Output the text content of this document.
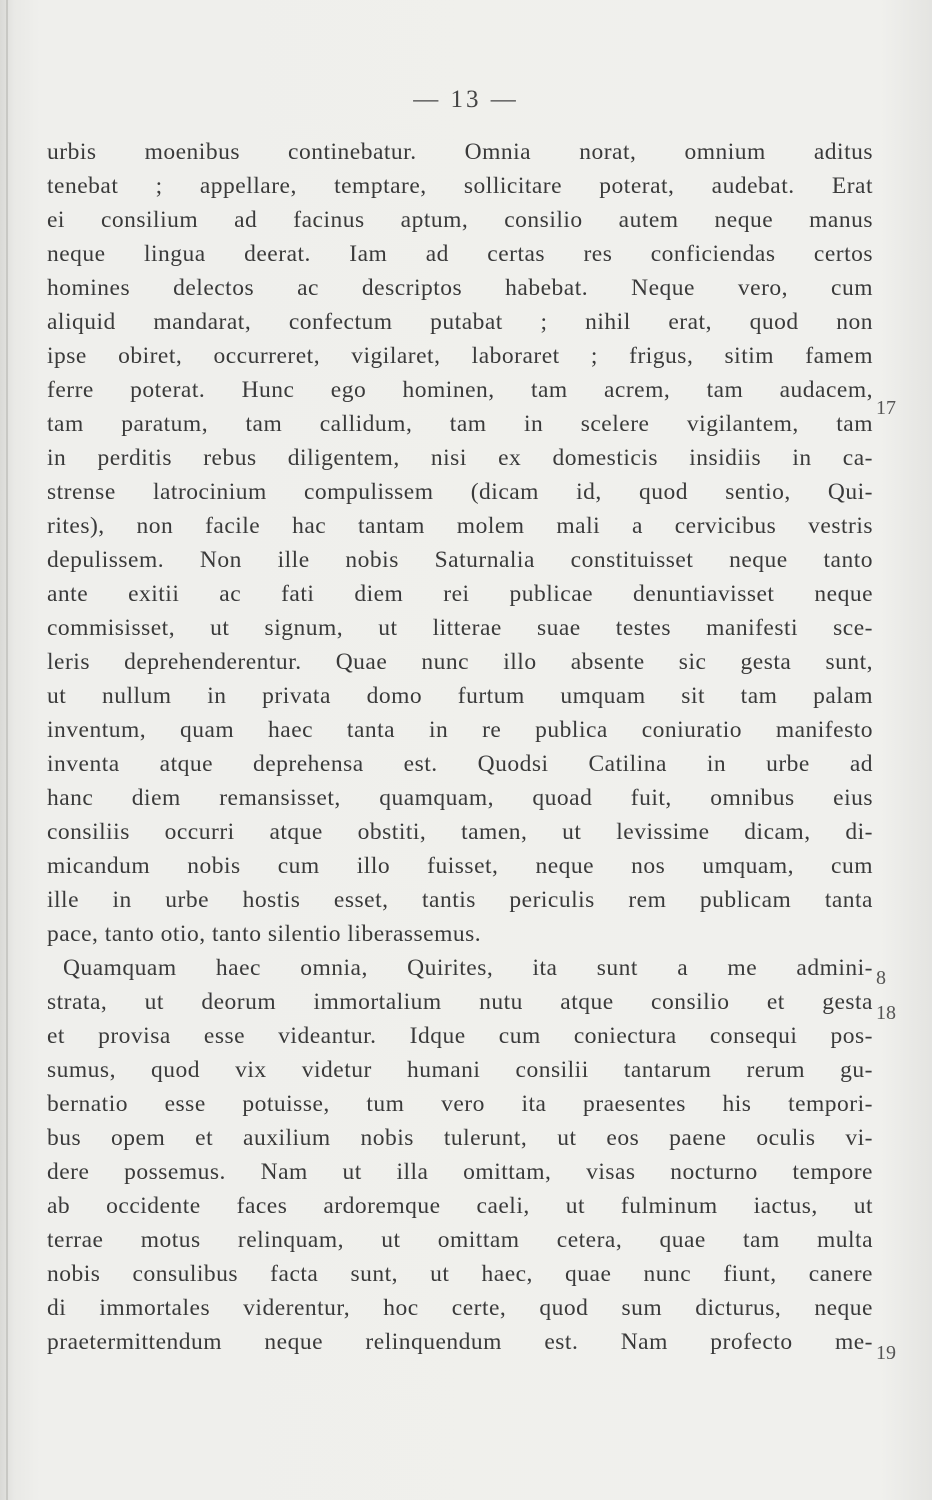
— 13 —
urbis moenibus continebatur. Omnia norat, omnium aditus
tenebat ; appellare, temptare, sollicitare poterat, audebat. Erat
ei consilium ad facinus aptum, consilio autem neque manus
neque lingua deerat. Iam ad certas res conficiendas certos
homines delectos ac descriptos habebat. Neque vero, cum
aliquid mandarat, confectum putabat ; nihil erat, quod non
ipse obiret, occurreret, vigilaret, laboraret ; frigus, sitim famem
ferre poterat. Hunc ego hominen, tam acrem, tam audacem,
tam paratum, tam callidum, tam in scelere vigilantem, tam
in perditis rebus diligentem, nisi ex domesticis insidiis in ca-
strense latrocinium compulissem (dicam id, quod sentio, Qui-
rites), non facile hac tantam molem mali a cervicibus vestris
depulissem. Non ille nobis Saturnalia constituisset neque tanto
ante exitii ac fati diem rei publicae denuntiavisset neque
commisisset, ut signum, ut litterae suae testes manifesti sce-
leris deprehenderentur. Quae nunc illo absente sic gesta sunt,
ut nullum in privata domo furtum umquam sit tam palam
inventum, quam haec tanta in re publica coniuratio manifesto
inventa atque deprehensa est. Quodsi Catilina in urbe ad
hanc diem remansisset, quamquam, quoad fuit, omnibus eius
consiliis occurri atque obstiti, tamen, ut levissime dicam, di-
micandum nobis cum illo fuisset, neque nos umquam, cum
ille in urbe hostis esset, tantis periculis rem publicam tanta
pace, tanto otio, tanto silentio liberassemus.
Quamquam haec omnia, Quirites, ita sunt a me admini-
strata, ut deorum immortalium nutu atque consilio et gesta
et provisa esse videantur. Idque cum coniectura consequi pos-
sumus, quod vix videtur humani consilii tantarum rerum gu-
bernatio esse potuisse, tum vero ita praesentes his tempori-
bus opem et auxilium nobis tulerunt, ut eos paene oculis vi-
dere possemus. Nam ut illa omittam, visas nocturno tempore
ab occidente faces ardoremque caeli, ut fulminum iactus, ut
terrae motus relinquam, ut omittam cetera, quae tam multa
nobis consulibus facta sunt, ut haec, quae nunc fiunt, canere
di immortales viderentur, hoc certe, quod sum dicturus, neque
praetermittendum neque relinquendum est. Nam profecto me-
17
8
18
19
